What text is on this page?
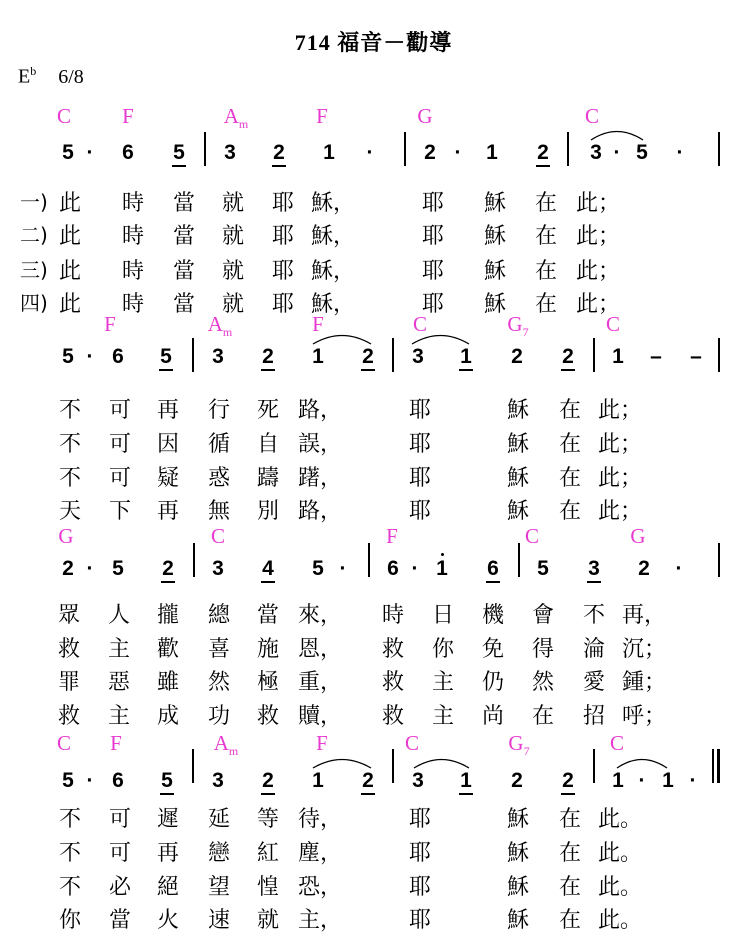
714 福音－勸導
$E^b$ 6/8
C F	$A_m$	F	G	C
5 · 6 5 3 2 1 · 2 · 1 2 3 · 5 ·
一)
二)
三)
四)
此 時 當 就 耶 穌，	耶 穌 在 此；
此 時 當 就 耶 穌，	耶 穌 在 此；
此 時 當 就 耶 穌，	耶 穌 在 此；
此 時 當 就 耶 穌，	耶 穌 在 此；
F	$A_m$	F	C	$G_7$	C
5 · 6 5 3 2 1 2 3 1 2 2 1 – –
不 可 再 行 死 路，	耶	穌 在 此；
不 可 因 循 自 誤，	耶	穌 在 此；
不 可 疑 惑 躊 躇，	耶	穌 在 此；
天 下 再 無 別 路，	耶	穌 在 此；
G	C	F	C	G
2 · 5 2 3 4 5 · 6 · 1 6 5 3 2 ·
眾 人 攏 總 當 來， 時 日 機 會 不 再，
救 主 歡 喜 施 恩， 救 你 免 得 淪 沉；
罪 惡 雖 然 極 重， 救 主 仍 然 愛 鍾；
救 主 成 功 救 贖， 救 主 尚 在 招 呼；
C F	$A_m$	F	C	$G_7$	C
5 · 6 5 3 2 1 2 3 1 2 2 1 · 1 ·
不 可 遲 延 等 待，	耶	穌 在 此。
不 可 再 戀 紅 塵，	耶	穌 在 此。
不 必 絕 望 惶 恐，	耶	穌 在 此。
你 當 火 速 就 主，	耶	穌 在 此。
